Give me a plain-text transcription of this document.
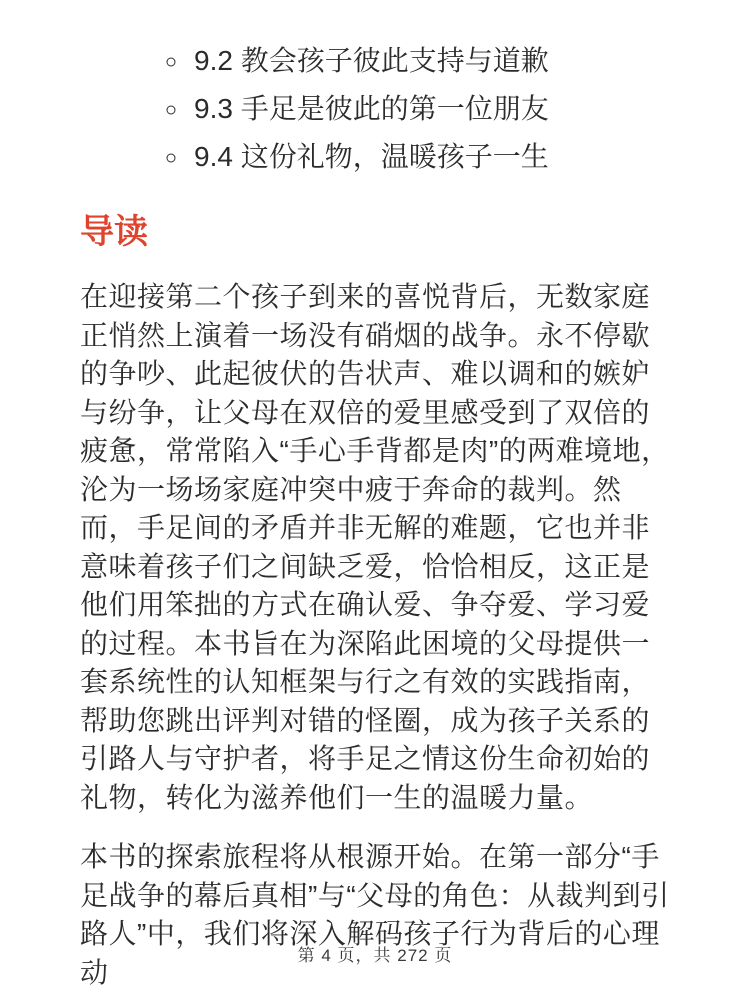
◦ 9.2 教会孩子彼此支持与道歉
◦ 9.3 手足是彼此的第一位朋友
◦ 9.4 这份礼物，温暖孩子一生
导读

在迎接第二个孩子到来的喜悦背后，无数家庭正悄然上演着一场没有硝烟的战争。永不停歇的争吵、此起彼伏的告状声、难以调和的嫉妒与纷争，让父母在双倍的爱里感受到了双倍的疲惫，常常陷入“手心手背都是肉”的两难境地，沦为一场场家庭冲突中疲于奔命的裁判。然而，手足间的矛盾并非无解的难题，它也并非意味着孩子们之间缺乏爱，恰恰相反，这正是他们用笨拙的方式在确认爱、争夺爱、学习爱的过程。本书旨在为深陷此困境的父母提供一套系统性的认知框架与行之有效的实践指南，帮助您跳出评判对错的怪圈，成为孩子关系的引路人与守护者，将手足之情这份生命初始的礼物，转化为滋养他们一生的温暖力量。

本书的探索旅程将从根源开始。在第一部分“手足战争的幕后真相”与“父母的角色：从裁判到引路人”中，我们将深入解码孩子行为背后的心理动

第 4 页，共 272 页
